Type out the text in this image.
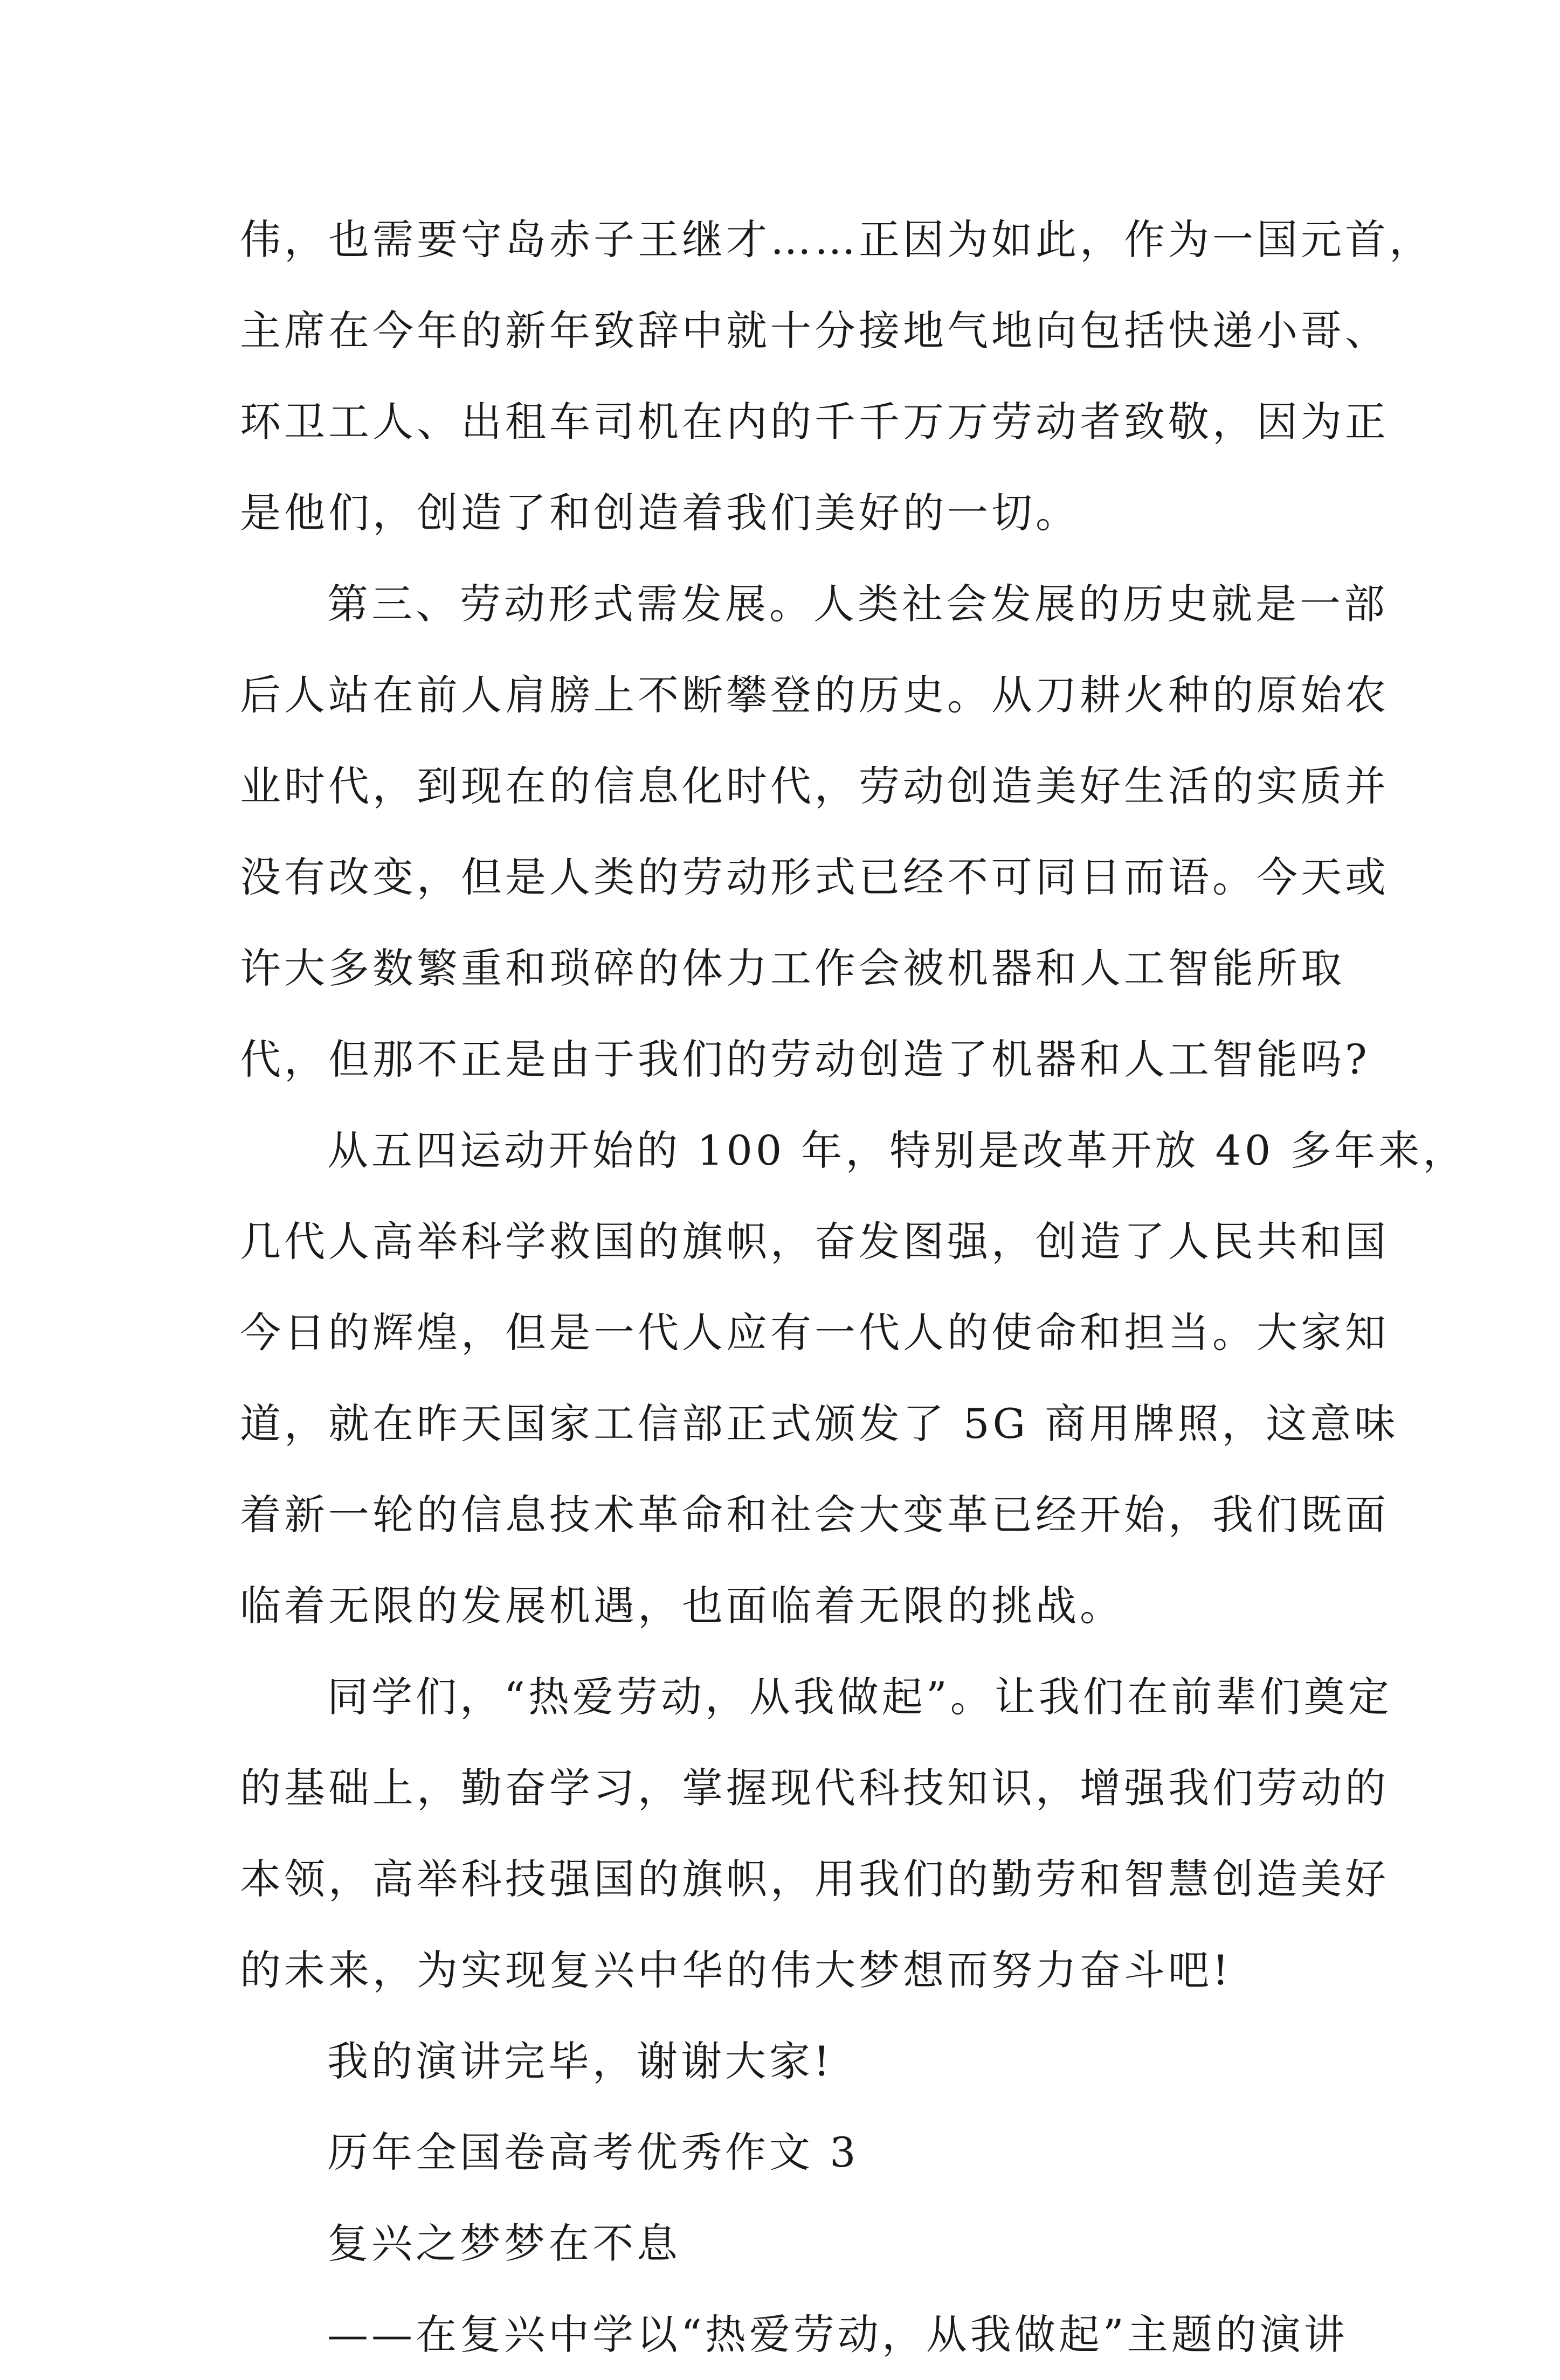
伟，也需要守岛赤子王继才……正因为如此，作为一国元首，
主席在今年的新年致辞中就十分接地气地向包括快递小哥、
环卫工人、出租车司机在内的千千万万劳动者致敬，因为正
是他们，创造了和创造着我们美好的一切。
第三、劳动形式需发展。人类社会发展的历史就是一部
后人站在前人肩膀上不断攀登的历史。从刀耕火种的原始农
业时代，到现在的信息化时代，劳动创造美好生活的实质并
没有改变，但是人类的劳动形式已经不可同日而语。今天或
许大多数繁重和琐碎的体力工作会被机器和人工智能所取
代，但那不正是由于我们的劳动创造了机器和人工智能吗?
从五四运动开始的 100 年，特别是改革开放 40 多年来，
几代人高举科学救国的旗帜，奋发图强，创造了人民共和国
今日的辉煌，但是一代人应有一代人的使命和担当。大家知
道，就在昨天国家工信部正式颁发了 5G 商用牌照，这意味
着新一轮的信息技术革命和社会大变革已经开始，我们既面
临着无限的发展机遇，也面临着无限的挑战。
同学们，“热爱劳动，从我做起”。让我们在前辈们奠定
的基础上，勤奋学习，掌握现代科技知识，增强我们劳动的
本领，高举科技强国的旗帜，用我们的勤劳和智慧创造美好
的未来，为实现复兴中华的伟大梦想而努力奋斗吧!
我的演讲完毕，谢谢大家!
历年全国卷高考优秀作文 3
复兴之梦梦在不息
——在复兴中学以“热爱劳动，从我做起”主题的演讲
